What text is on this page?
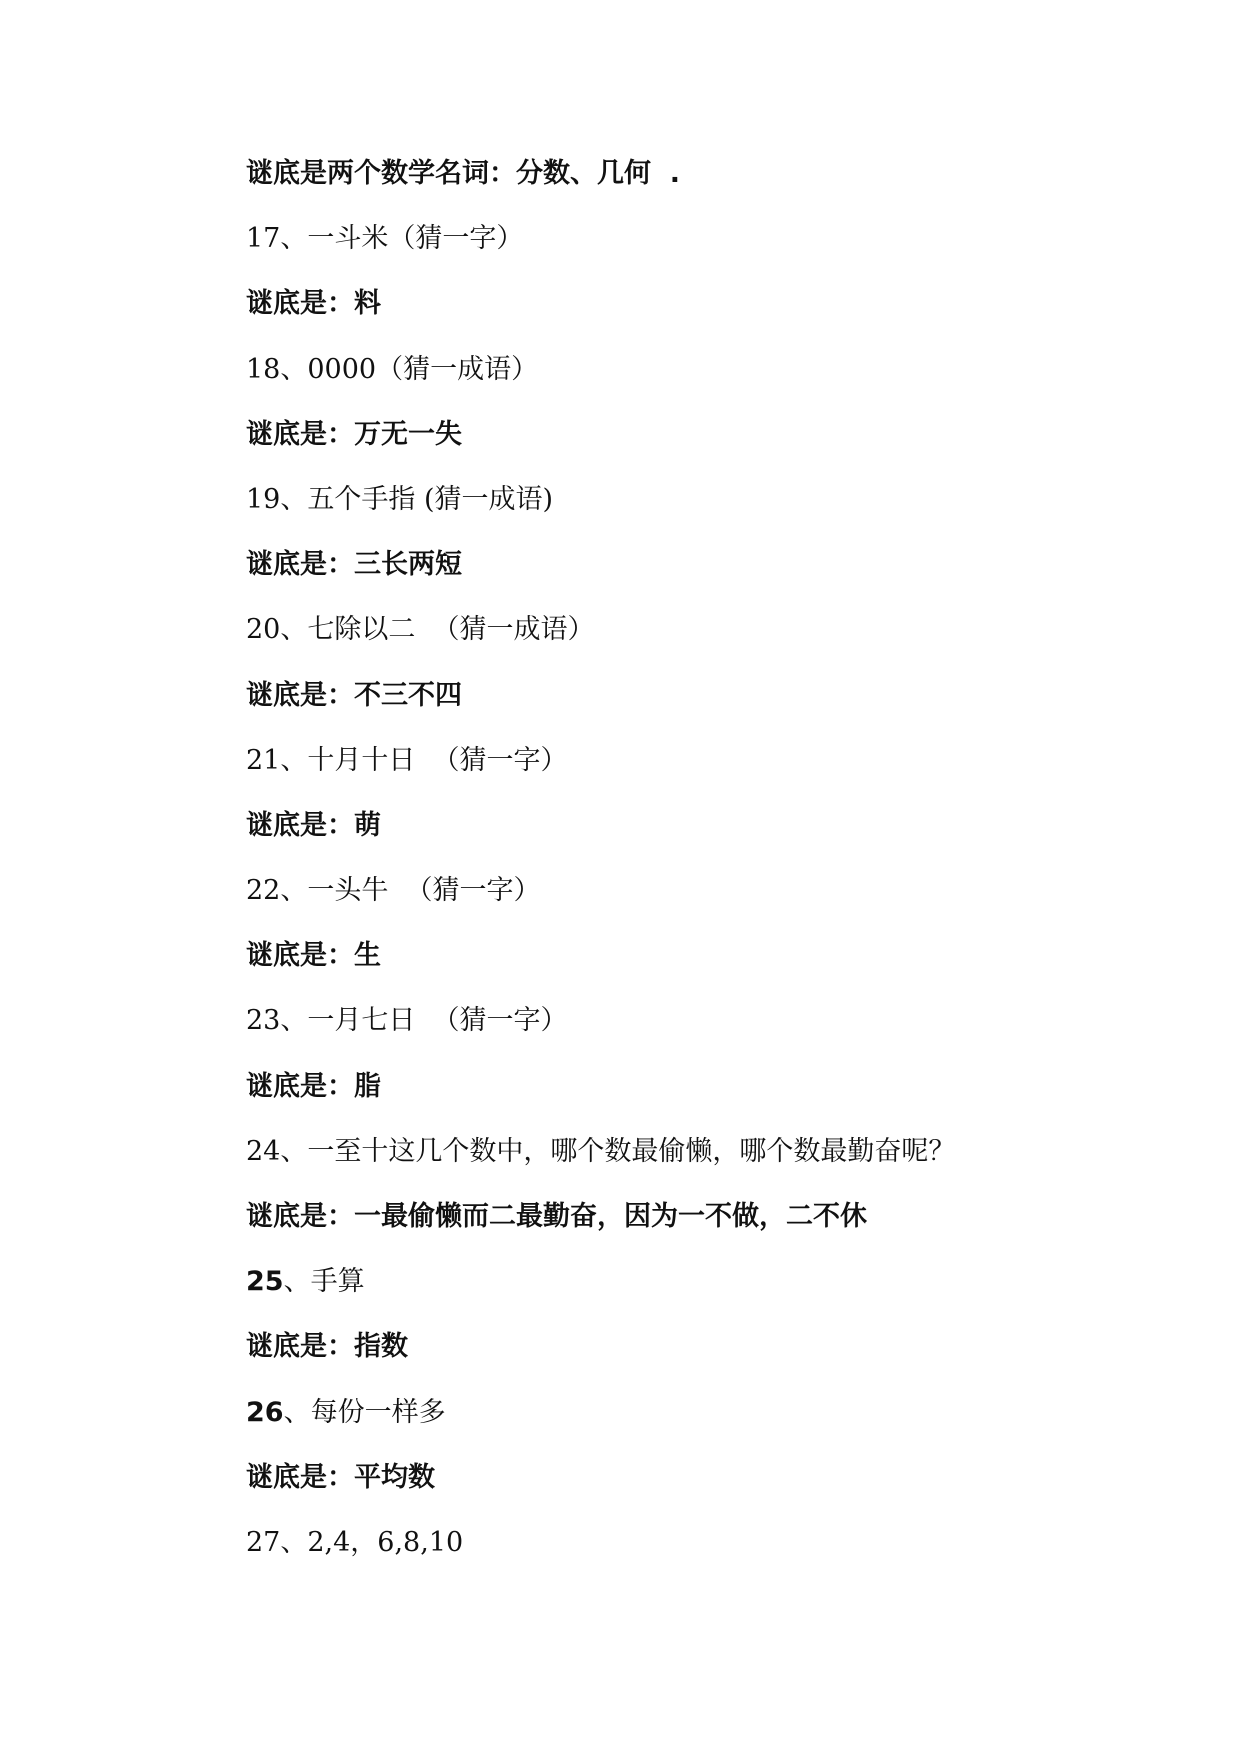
谜底是两个数学名词：分数、几何  .
17、一斗米（猜一字）
谜底是：料
18、0000（猜一成语）
谜底是：万无一失
19、五个手指 (猜一成语)
谜底是：三长两短
20、七除以二  （猜一成语）
谜底是：不三不四
21、十月十日  （猜一字）
谜底是：萌
22、一头牛  （猜一字）
谜底是：生
23、一月七日  （猜一字）
谜底是：脂
24、一至十这几个数中，哪个数最偷懒，哪个数最勤奋呢？
谜底是：一最偷懒而二最勤奋，因为一不做，二不休
25、手算
谜底是：指数
26、每份一样多
谜底是：平均数
27、2,4，6,8,10
